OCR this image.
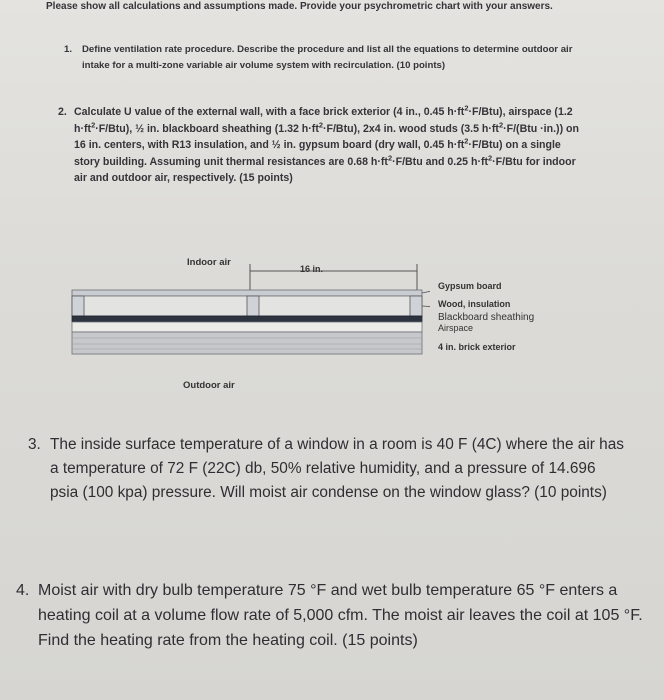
Please show all calculations and assumptions made. Provide your psychrometric chart with your answers.
1. Define ventilation rate procedure. Describe the procedure and list all the equations to determine outdoor air intake for a multi-zone variable air volume system with recirculation. (10 points)
2. Calculate U value of the external wall, with a face brick exterior (4 in., 0.45 $h\cdot ft^2\cdot F/Btu$), airspace (1.2 $h\cdot ft^2\cdot F/Btu$), ½ in. blackboard sheathing (1.32 $h\cdot ft^2\cdot F/Btu$), 2x4 in. wood studs (3.5 $h\cdot ft^2\cdot F/(Btu \cdot in.)$) on 16 in. centers, with R13 insulation, and ½ in. gypsum board (dry wall, 0.45 $h\cdot ft^2\cdot F/Btu$) on a single story building. Assuming unit thermal resistances are 0.68 $h\cdot ft^2\cdot F$/Btu and 0.25 $h\cdot ft^2\cdot F$/Btu for indoor air and outdoor air, respectively. (15 points)
Indoor air
16 in.
Gypsum board
Wood, insulation
Blackboard sheathing
Airspace
4 in. brick exterior
Outdoor air
3. The inside surface temperature of a window in a room is 40 F (4C) where the air has a temperature of 72 F (22C) db, 50% relative humidity, and a pressure of 14.696 psia (100 kpa) pressure. Will moist air condense on the window glass? (10 points)
4. Moist air with dry bulb temperature 75 °F and wet bulb temperature 65 °F enters a heating coil at a volume flow rate of 5,000 cfm. The moist air leaves the coil at 105 °F. Find the heating rate from the heating coil. (15 points)
